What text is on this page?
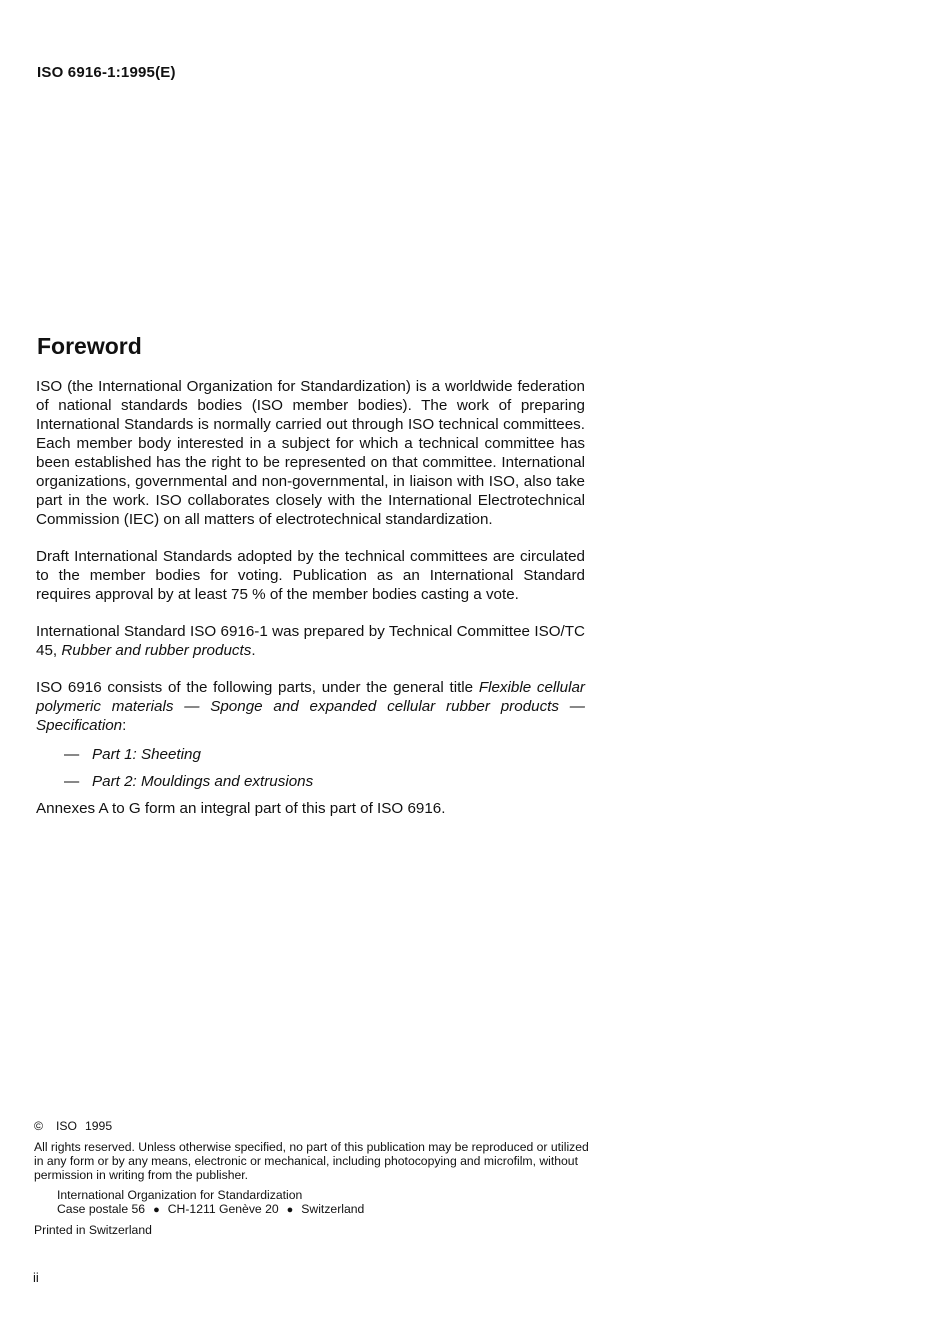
ISO 6916-1:1995(E)
Foreword

ISO (the International Organization for Standardization) is a worldwide federation of national standards bodies (ISO member bodies). The work of preparing International Standards is normally carried out through ISO technical committees. Each member body interested in a subject for which a technical committee has been established has the right to be represented on that committee. International organizations, governmental and non-governmental, in liaison with ISO, also take part in the work. ISO collaborates closely with the International Electrotechnical Commission (IEC) on all matters of electrotechnical standardization.

Draft International Standards adopted by the technical committees are circulated to the member bodies for voting. Publication as an International Standard requires approval by at least 75 % of the member bodies casting a vote.

International Standard ISO 6916-1 was prepared by Technical Committee ISO/TC 45, Rubber and rubber products.

ISO 6916 consists of the following parts, under the general title Flexible cellular polymeric materials — Sponge and expanded cellular rubber products — Specification:

— Part 1: Sheeting
— Part 2: Mouldings and extrusions

Annexes A to G form an integral part of this part of ISO 6916.

© ISO 1995
All rights reserved. Unless otherwise specified, no part of this publication may be reproduced or utilized in any form or by any means, electronic or mechanical, including photocopying and microfilm, without permission in writing from the publisher.
International Organization for Standardization
Case postale 56 ● CH-1211 Genève 20 ● Switzerland
Printed in Switzerland
ii
